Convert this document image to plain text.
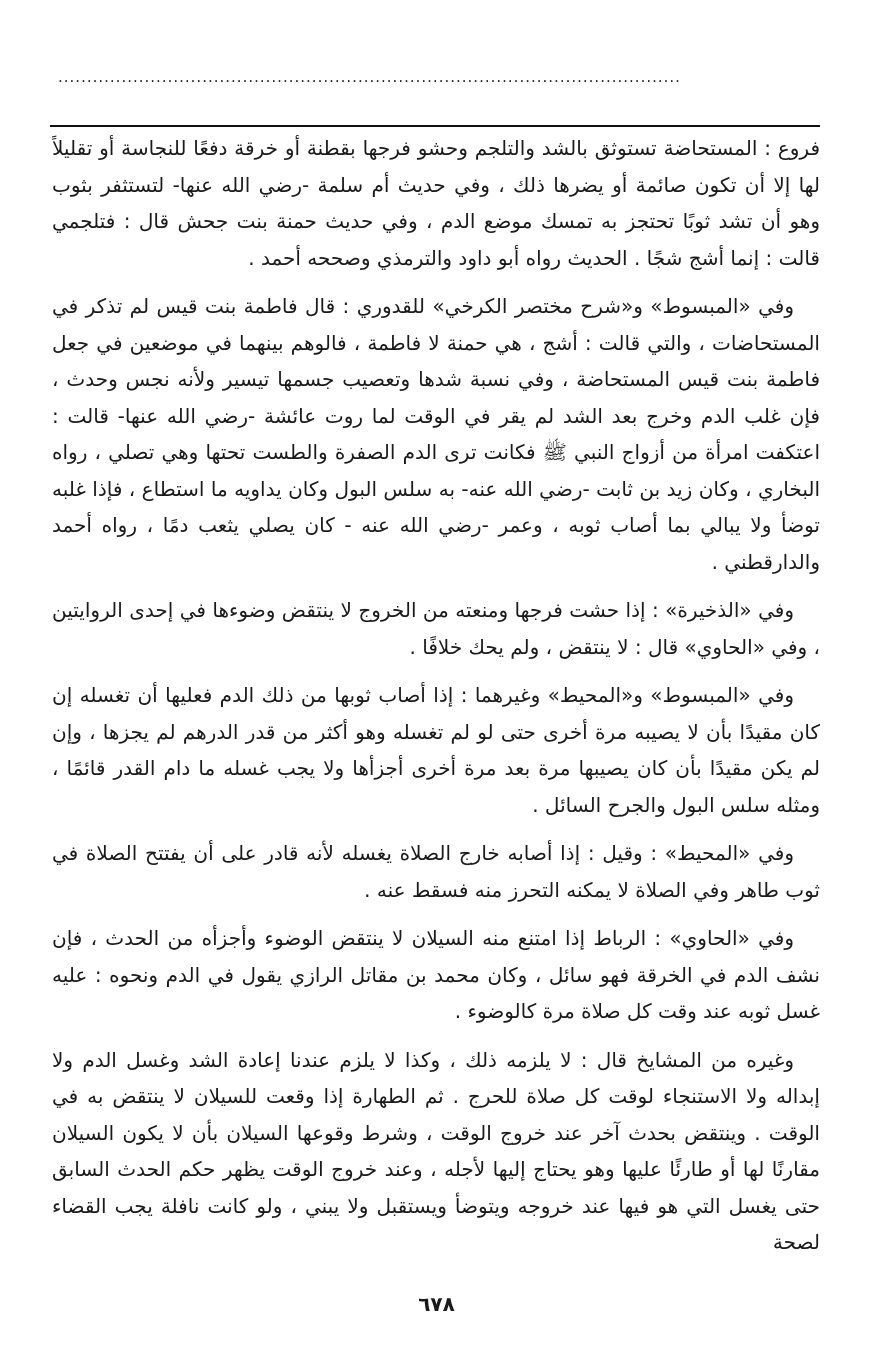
............................................................................................................

فروع : المستحاضة تستوثق بالشد والتلجم وحشو فرجها بقطنة أو خرقة دفعًا للنجاسة أو تقليلاً لها إلا أن تكون صائمة أو يضرها ذلك ، وفي حديث أم سلمة -رضي الله عنها- لتستثفر بثوب وهو أن تشد ثوبًا تحتجز به تمسك موضع الدم ، وفي حديث حمنة بنت جحش قال : فتلجمي قالت : إنما أشج شجًا . الحديث رواه أبو داود والترمذي وصححه أحمد .

وفي «المبسوط» و«شرح مختصر الكرخي» للقدوري : قال فاطمة بنت قيس لم تذكر في المستحاضات ، والتي قالت : أشج ، هي حمنة لا فاطمة ، فالوهم بينهما في موضعين في جعل فاطمة بنت قيس المستحاضة ، وفي نسبة شدها وتعصيب جسمها تيسير ولأنه نجس وحدث ، فإن غلب الدم وخرج بعد الشد لم يقر في الوقت لما روت عائشة -رضي الله عنها- قالت : اعتكفت امرأة من أزواج النبي ﷺ فكانت ترى الدم الصفرة والطست تحتها وهي تصلي ، رواه البخاري ، وكان زيد بن ثابت -رضي الله عنه- به سلس البول وكان يداويه ما استطاع ، فإذا غلبه توضأ ولا يبالي بما أصاب ثوبه ، وعمر -رضي الله عنه - كان يصلي يثعب دمًا ، رواه أحمد والدارقطني .

وفي «الذخيرة» : إذا حشت فرجها ومنعته من الخروج لا ينتقض وضوءها في إحدى الروايتين ، وفي «الحاوي» قال : لا ينتقض ، ولم يحك خلافًا .

وفي «المبسوط» و«المحيط» وغيرهما : إذا أصاب ثوبها من ذلك الدم فعليها أن تغسله إن كان مقيدًا بأن لا يصيبه مرة أخرى حتى لو لم تغسله وهو أكثر من قدر الدرهم لم يجزها ، وإن لم يكن مقيدًا بأن كان يصيبها مرة بعد مرة أخرى أجزأها ولا يجب غسله ما دام القدر قائمًا ، ومثله سلس البول والجرح السائل .

وفي «المحيط» : وقيل : إذا أصابه خارج الصلاة يغسله لأنه قادر على أن يفتتح الصلاة في ثوب طاهر وفي الصلاة لا يمكنه التحرز منه فسقط عنه .

وفي «الحاوي» : الرباط إذا امتنع منه السيلان لا ينتقض الوضوء وأجزأه من الحدث ، فإن نشف الدم في الخرقة فهو سائل ، وكان محمد بن مقاتل الرازي يقول في الدم ونحوه : عليه غسل ثوبه عند وقت كل صلاة مرة كالوضوء .

وغيره من المشايخ قال : لا يلزمه ذلك ، وكذا لا يلزم عندنا إعادة الشد وغسل الدم ولا إبداله ولا الاستنجاء لوقت كل صلاة للحرج . ثم الطهارة إذا وقعت للسيلان لا ينتقض به في الوقت . وينتقض بحدث آخر عند خروج الوقت ، وشرط وقوعها السيلان بأن لا يكون السيلان مقارنًا لها أو طارئًا عليها وهو يحتاج إليها لأجله ، وعند خروج الوقت يظهر حكم الحدث السابق حتى يغسل التي هو فيها عند خروجه ويتوضأ ويستقبل ولا يبني ، ولو كانت نافلة يجب القضاء لصحة

٦٧٨
